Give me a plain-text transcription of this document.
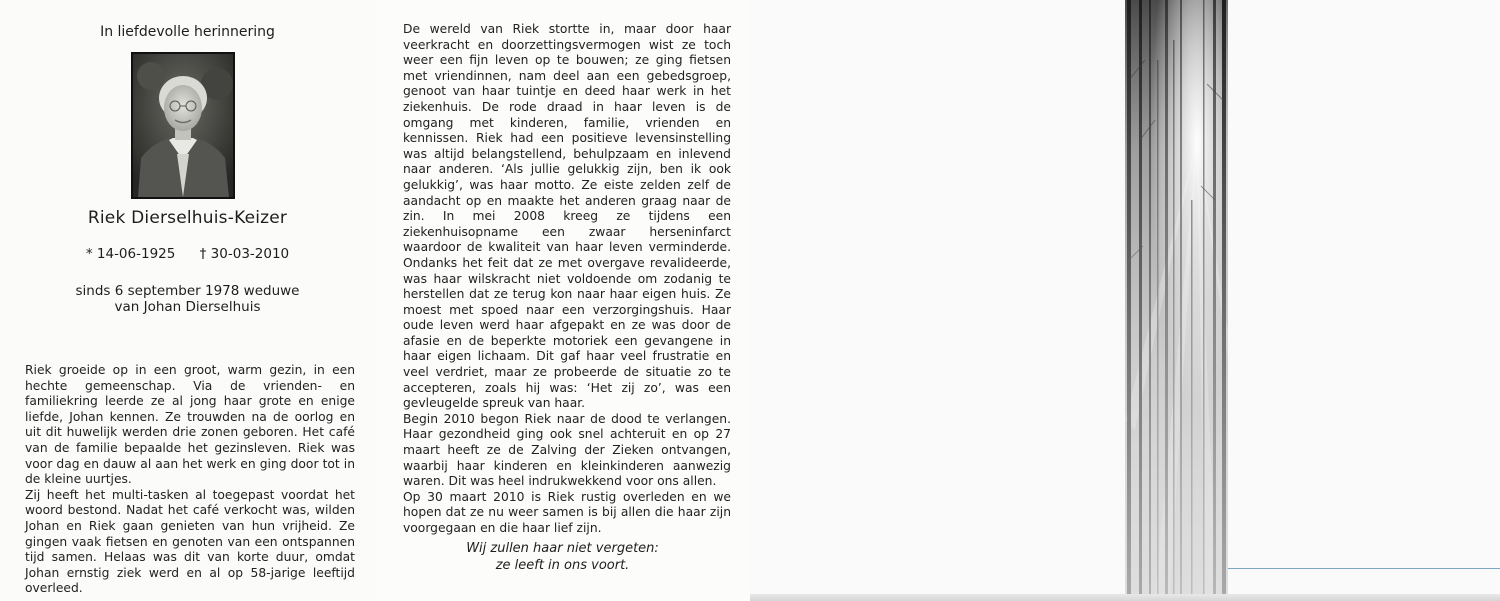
In liefdevolle herinnering
Riek Dierselhuis-Keizer
* 14-06-1925 † 30-03-2010
sinds 6 september 1978 weduwe
van Johan Dierselhuis

Riek groeide op in een groot, warm gezin, in een hechte gemeenschap. Via de vrienden- en familiekring leerde ze al jong haar grote en enige liefde, Johan kennen. Ze trouwden na de oorlog en uit dit huwelijk werden drie zonen geboren. Het café van de familie bepaalde het gezinsleven. Riek was voor dag en dauw al aan het werk en ging door tot in de kleine uurtjes.

Zij heeft het multi-tasken al toegepast voordat het woord bestond. Nadat het café verkocht was, wilden Johan en Riek gaan genieten van hun vrijheid. Ze gingen vaak fietsen en genoten van een ontspannen tijd samen. Helaas was dit van korte duur, omdat Johan ernstig ziek werd en al op 58-jarige leeftijd overleed.

De wereld van Riek stortte in, maar door haar veerkracht en doorzettingsvermogen wist ze toch weer een fijn leven op te bouwen; ze ging fietsen met vriendinnen, nam deel aan een gebedsgroep, genoot van haar tuintje en deed haar werk in het ziekenhuis. De rode draad in haar leven is de omgang met kinderen, familie, vrienden en kennissen. Riek had een positieve levensinstelling was altijd belangstellend, behulpzaam en inlevend naar anderen. ‘Als jullie gelukkig zijn, ben ik ook gelukkig’, was haar motto. Ze eiste zelden zelf de aandacht op en maakte het anderen graag naar de zin. In mei 2008 kreeg ze tijdens een ziekenhuisopname een zwaar herseninfarct waardoor de kwaliteit van haar leven verminderde. Ondanks het feit dat ze met overgave revalideerde, was haar wilskracht niet voldoende om zodanig te herstellen dat ze terug kon naar haar eigen huis. Ze moest met spoed naar een verzorgingshuis. Haar oude leven werd haar afgepakt en ze was door de afasie en de beperkte motoriek een gevangene in haar eigen lichaam. Dit gaf haar veel frustratie en veel verdriet, maar ze probeerde de situatie zo te accepteren, zoals hij was: ‘Het zij zo’, was een gevleugelde spreuk van haar.

Begin 2010 begon Riek naar de dood te verlangen. Haar gezondheid ging ook snel achteruit en op 27 maart heeft ze de Zalving der Zieken ontvangen, waarbij haar kinderen en kleinkinderen aanwezig waren. Dit was heel indrukwekkend voor ons allen.

Op 30 maart 2010 is Riek rustig overleden en we hopen dat ze nu weer samen is bij allen die haar zijn voorgegaan en die haar lief zijn.

Wij zullen haar niet vergeten:
ze leeft in ons voort.
